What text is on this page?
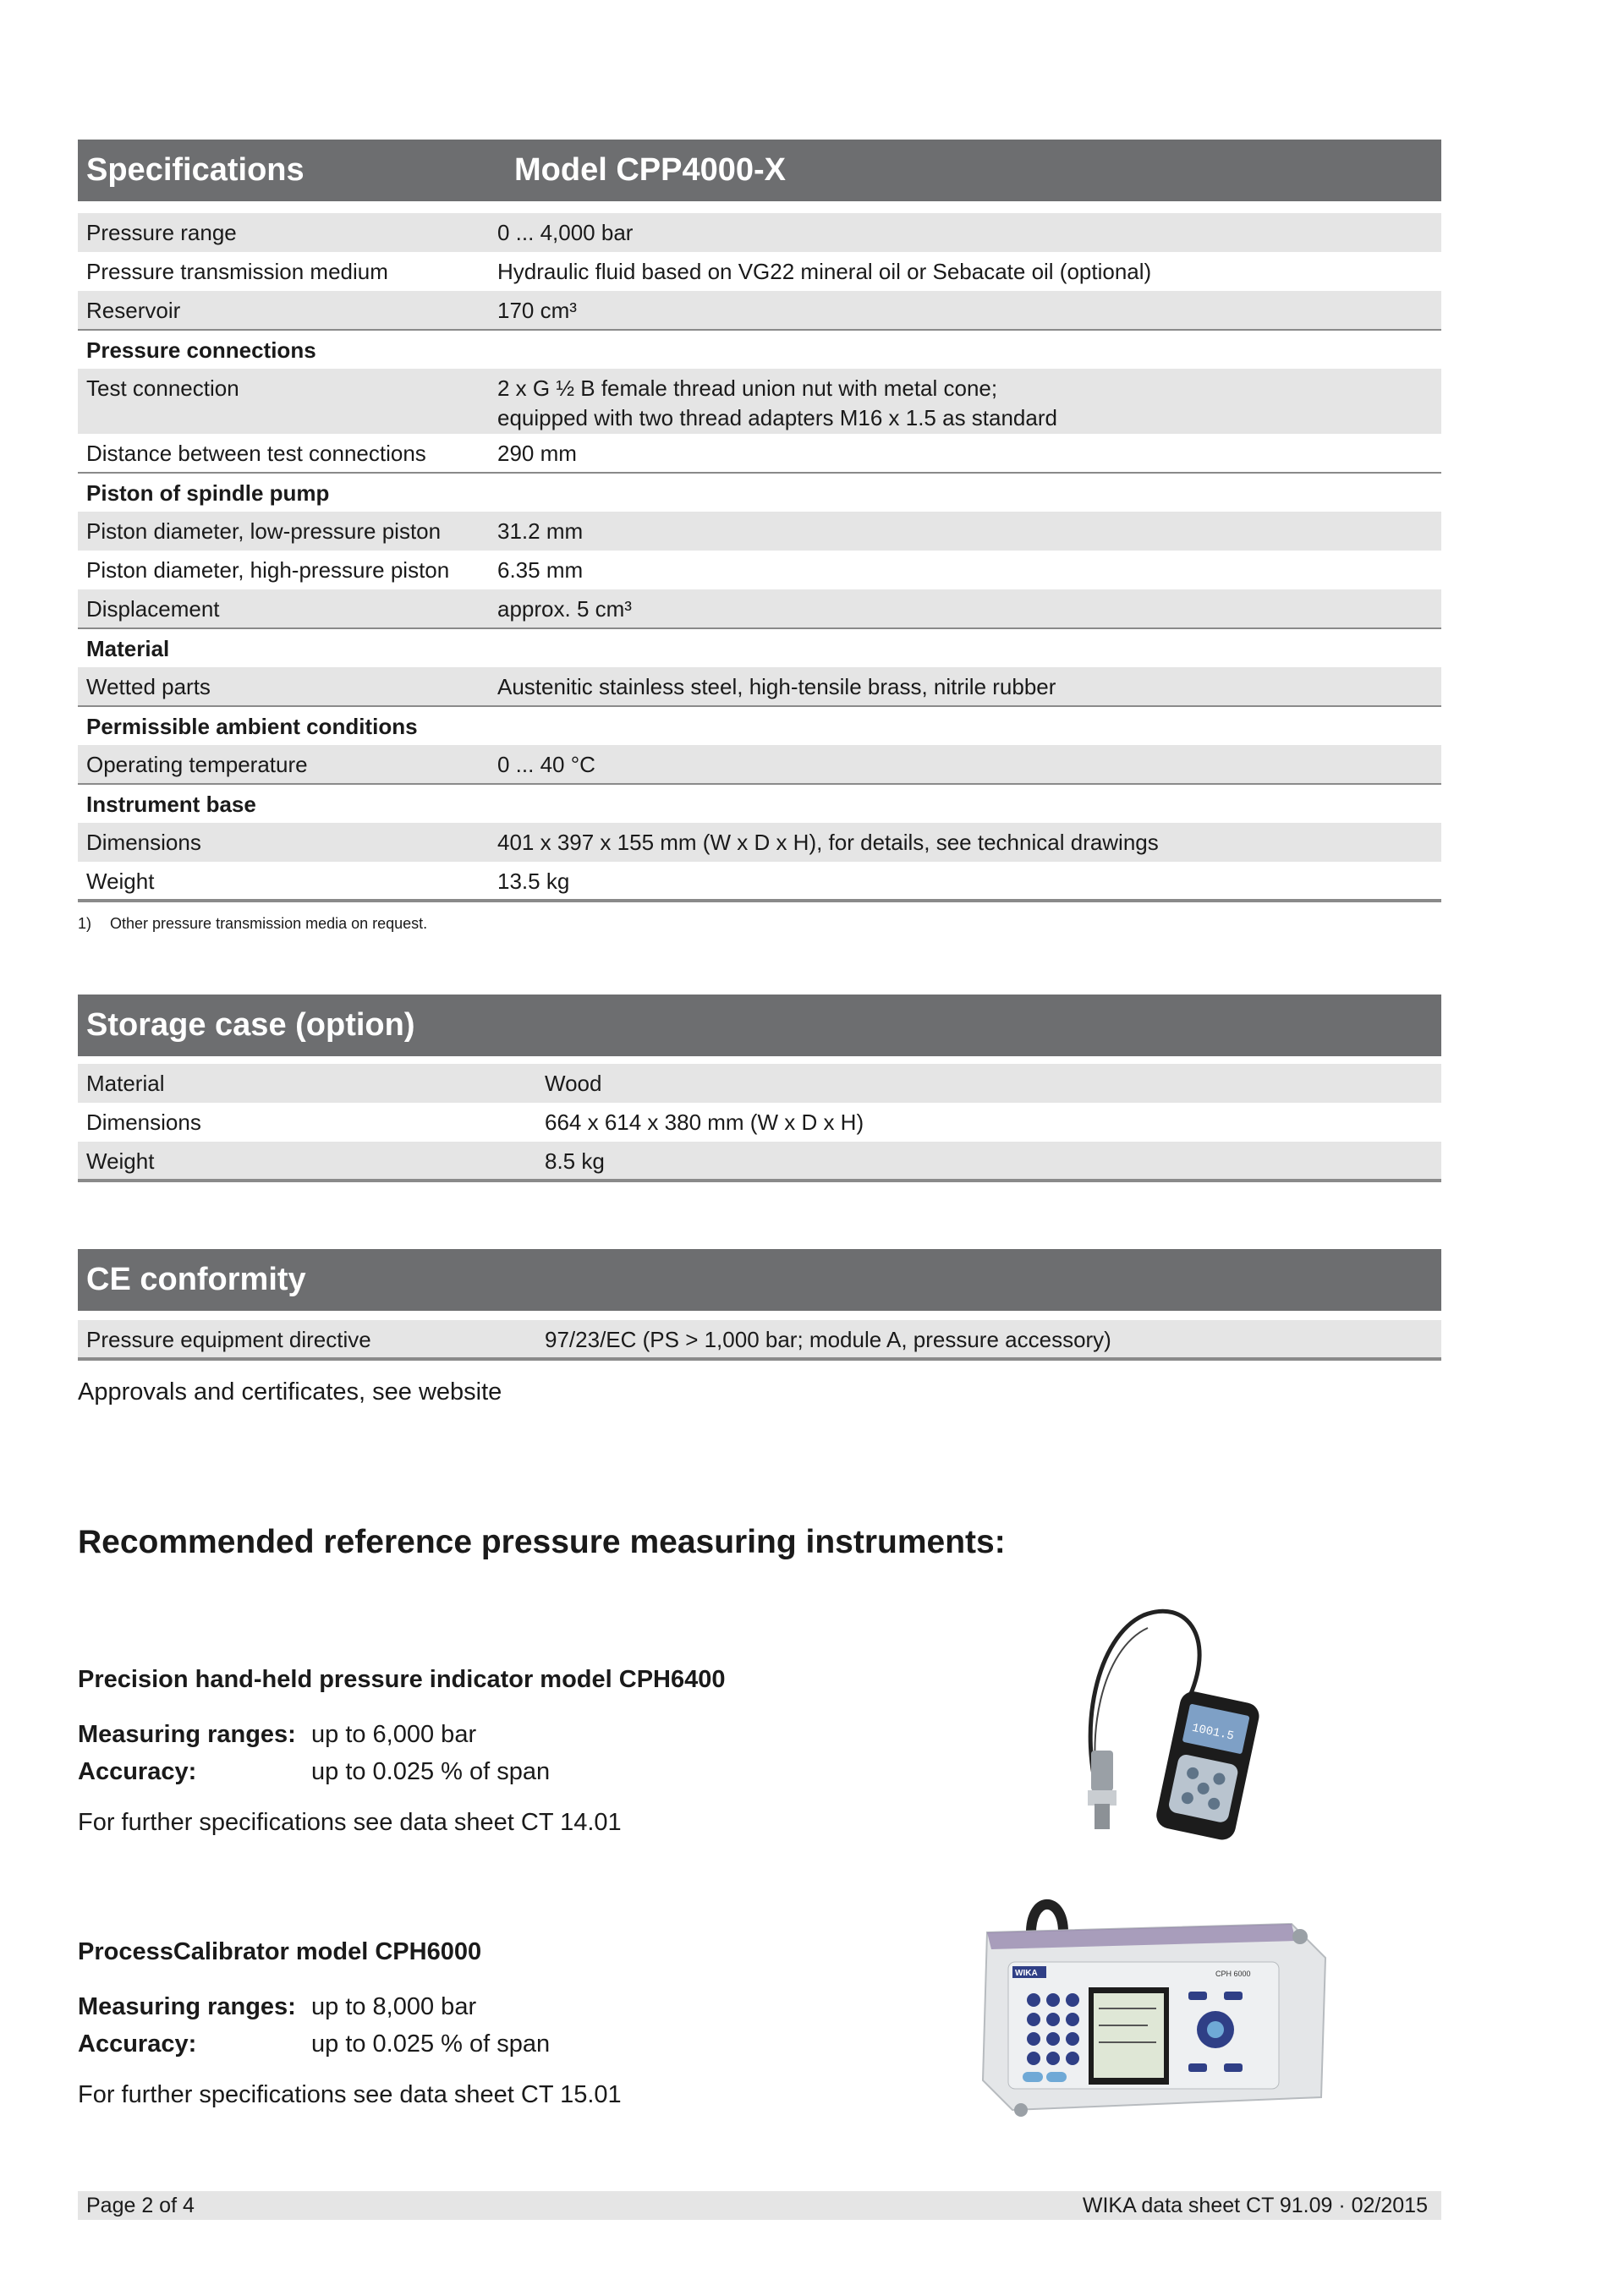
Specifications	Model CPP4000-X
Pressure range	0 ... 4,000 bar

Pressure transmission medium	Hydraulic fluid based on VG22 mineral oil or Sebacate oil (optional)

Reservoir	170 cm³

Pressure connections	
Test connection	2 x G ½ B female thread union nut with metal cone;
equipped with two thread adapters M16 x 1.5 as standard

Distance between test connections	290 mm

Piston of spindle pump	
Piston diameter, low-pressure piston	31.2 mm

Piston diameter, high-pressure piston	6.35 mm

Displacement	approx. 5 cm³

Material	
Wetted parts	Austenitic stainless steel, high-tensile brass, nitrile rubber

Permissible ambient conditions	
Operating temperature	0 ... 40 °C

Instrument base	
Dimensions	401 x 397 x 155 mm (W x D x H), for details, see technical drawings

Weight	13.5 kg
1) Other pressure transmission media on request.
Storage case (option)
Material	Wood
Dimensions	664 x 614 x 380 mm (W x D x H)
Weight	8.5 kg
CE conformity
Pressure equipment directive	97/23/EC (PS > 1,000 bar; module A, pressure accessory)
Approvals and certificates, see website
Recommended reference pressure measuring instruments:
Precision hand-held pressure indicator model CPH6400
Measuring ranges: up to 6,000 bar
Accuracy:	up to 0.025 % of span
For further specifications see data sheet CT 14.01
ProcessCalibrator model CPH6000
Measuring ranges: up to 8,000 bar
Accuracy:	up to 0.025 % of span
For further specifications see data sheet CT 15.01
1001.5
WIKA	CPH 6000
Page 2 of 4	WIKA data sheet CT 91.09 · 02/2015
